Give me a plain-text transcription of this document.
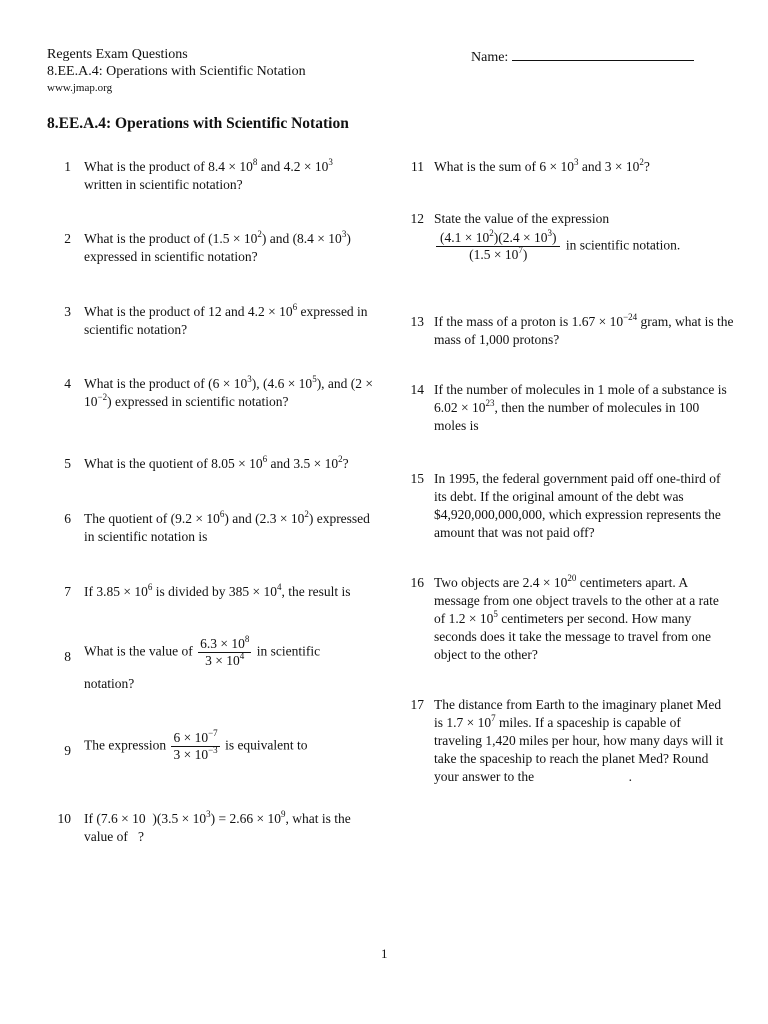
Regents Exam Questions
8.EE.A.4: Operations with Scientific Notation
www.jmap.org
Name:
8.EE.A.4: Operations with Scientific Notation
1 What is the product of $8.4 \times 10^8$ and $4.2 \times 10^3$ written in scientific notation?
2 What is the product of $(1.5 \times 10^2)$ and $(8.4 \times 10^3)$ expressed in scientific notation?
3 What is the product of 12 and $4.2 \times 10^6$ expressed in scientific notation?
4 What is the product of $(6 \times 10^3)$, $(4.6 \times 10^5)$, and $(2 \times 10^{-2})$ expressed in scientific notation?
5 What is the quotient of $8.05 \times 10^6$ and $3.5 \times 10^2$?
6 The quotient of $(9.2 \times 10^6)$ and $(2.3 \times 10^2)$ expressed in scientific notation is
7 If $3.85 \times 10^6$ is divided by $385 \times 10^4$, the result is
8 What is the value of $\frac{6.3 \times 10^8}{3 \times 10^4}$ in scientific
notation?
9 The expression $\frac{6 \times 10^{-7}}{3 \times 10^{-3}}$ is equivalent to
10 If (7.6 × 10  )$(3.5 \times 10^3) = 2.66 \times 10^9$, what is the value of   ?
11 What is the sum of $6 \times 10^3$ and $3 \times 10^2$?
12 State the value of the expression
$\frac{(4.1 \times 10^2)(2.4 \times 10^3)}{(1.5 \times 10^7)}$ in scientific notation.
13 If the mass of a proton is $1.67 \times 10^{-24}$ gram, what is the mass of 1,000 protons?
14 If the number of molecules in 1 mole of a substance is $6.02 \times 10^{23}$, then the number of molecules in 100 moles is
15 In 1995, the federal government paid off one-third of its debt. If the original amount of the debt was $4,920,000,000,000, which expression represents the amount that was not paid off?
16 Two objects are $2.4 \times 10^{20}$ centimeters apart. A message from one object travels to the other at a rate of $1.2 \times 10^5$ centimeters per second. How many seconds does it take the message to travel from one object to the other?
17 The distance from Earth to the imaginary planet Med is $1.7 \times 10^7$ miles. If a spaceship is capable of traveling 1,420 miles per hour, how many days will it take the spaceship to reach the planet Med? Round your answer to the                            .
1
